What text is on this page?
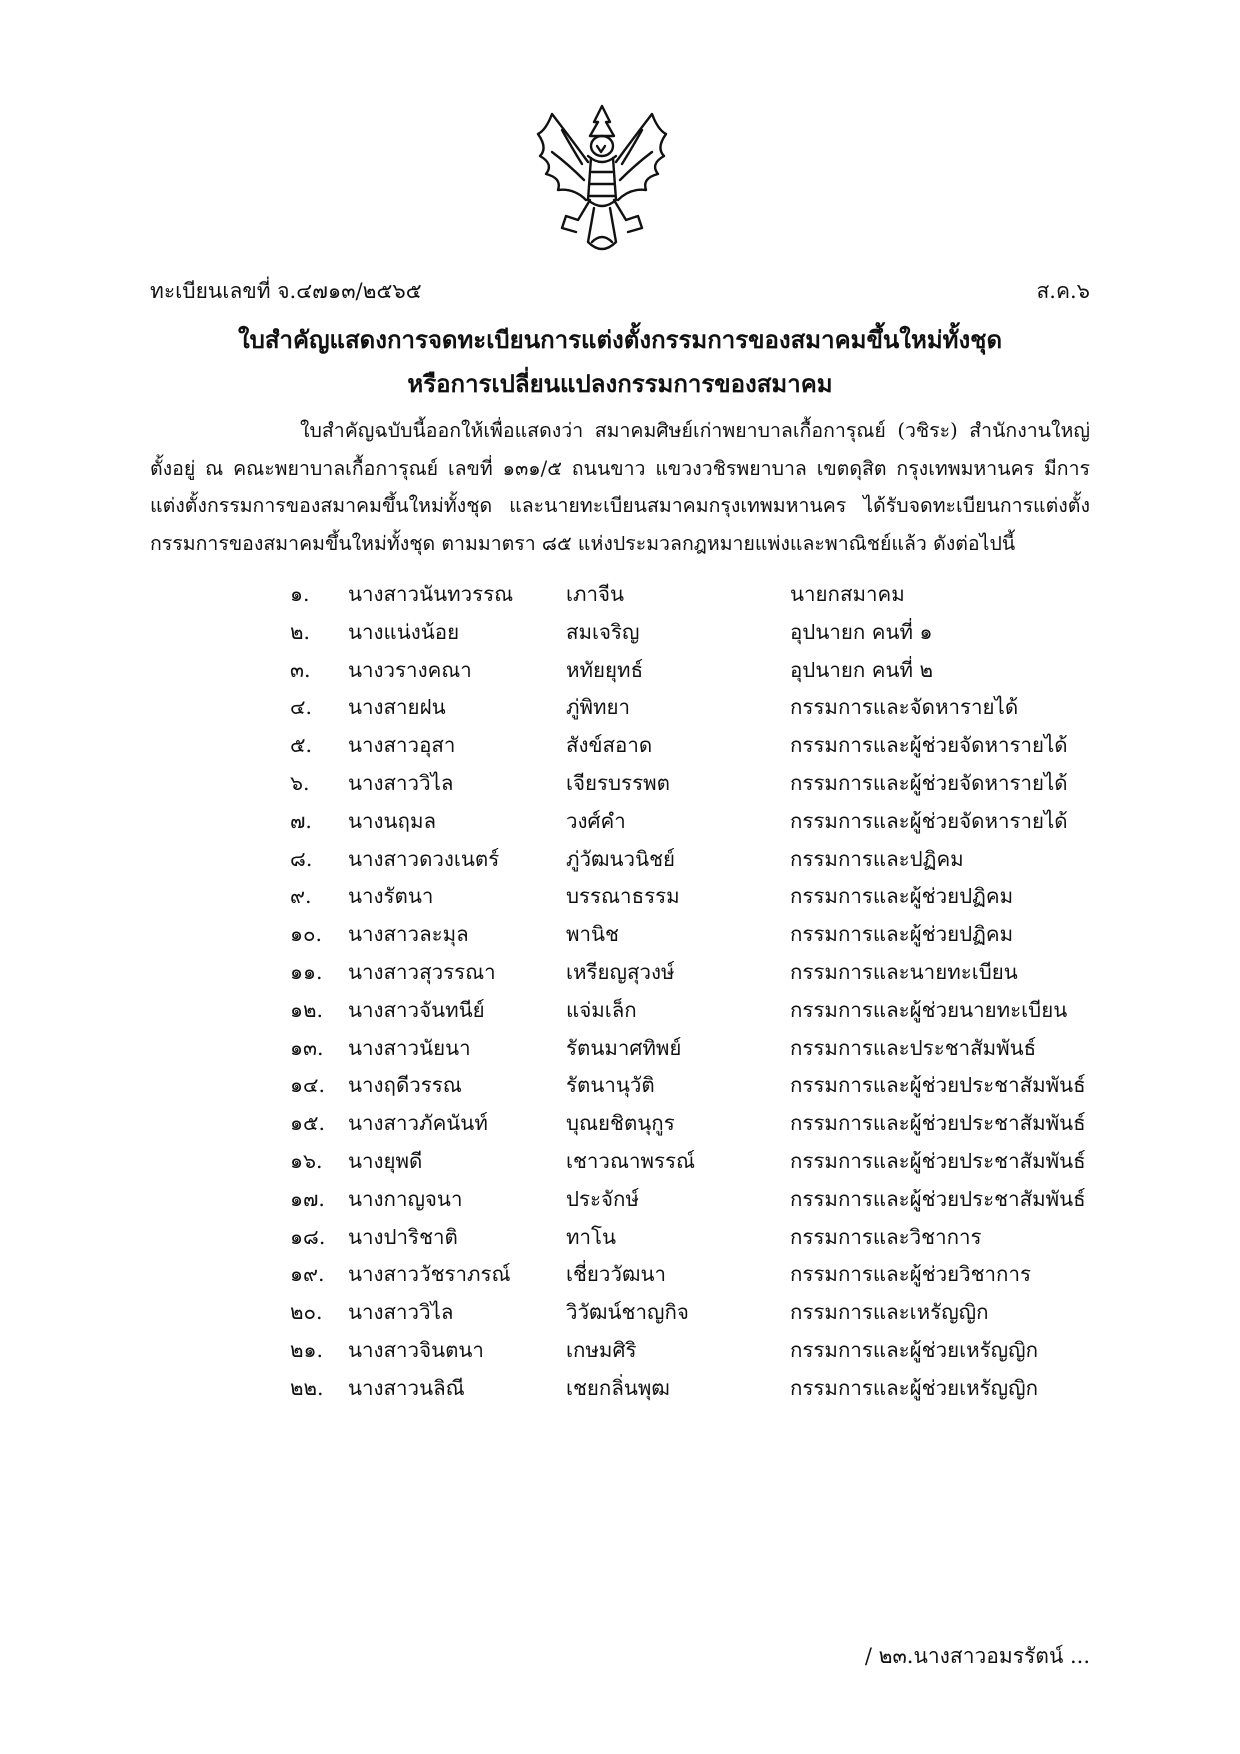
ทะเบียนเลขที่ จ.๔๗๑๓/๒๕๖๕	ส.ค.๖
ใบสำคัญแสดงการจดทะเบียนการแต่งตั้งกรรมการของสมาคมขึ้นใหม่ทั้งชุด
หรือการเปลี่ยนแปลงกรรมการของสมาคม

ใบสำคัญฉบับนี้ออกให้เพื่อแสดงว่า สมาคมศิษย์เก่าพยาบาลเกื้อการุณย์ (วชิระ) สำนักงานใหญ่ตั้งอยู่ ณ คณะพยาบาลเกื้อการุณย์ เลขที่ ๑๓๑/๕ ถนนขาว แขวงวชิรพยาบาล เขตดุสิต กรุงเทพมหานคร มีการแต่งตั้งกรรมการของสมาคมขึ้นใหม่ทั้งชุด และนายทะเบียนสมาคมกรุงเทพมหานคร ได้รับจดทะเบียนการแต่งตั้งกรรมการของสมาคมขึ้นใหม่ทั้งชุด ตามมาตรา ๘๕ แห่งประมวลกฎหมายแพ่งและพาณิชย์แล้ว ดังต่อไปนี้

๑. นางสาวนันทวรรณ	เภาจีน	นายกสมาคม
๒. นางแน่งน้อย	สมเจริญ	อุปนายก คนที่ ๑
๓. นางวรางคณา	หทัยยุทธ์	อุปนายก คนที่ ๒
๔. นางสายฝน	ภู่พิทยา	กรรมการและจัดหารายได้
๕. นางสาวอุสา	สังข์สอาด	กรรมการและผู้ช่วยจัดหารายได้
๖. นางสาววิไล	เจียรบรรพต	กรรมการและผู้ช่วยจัดหารายได้
๗. นางนฤมล	วงศ์คำ	กรรมการและผู้ช่วยจัดหารายได้
๘. นางสาวดวงเนตร์	ภู่วัฒนวนิชย์	กรรมการและปฏิคม
๙. นางรัตนา	บรรณาธรรม	กรรมการและผู้ช่วยปฏิคม
๑๐. นางสาวละมุล	พานิช	กรรมการและผู้ช่วยปฏิคม
๑๑. นางสาวสุวรรณา	เหรียญสุวงษ์	กรรมการและนายทะเบียน
๑๒. นางสาวจันทนีย์	แจ่มเล็ก	กรรมการและผู้ช่วยนายทะเบียน
๑๓. นางสาวนัยนา	รัตนมาศทิพย์	กรรมการและประชาสัมพันธ์
๑๔. นางฤดีวรรณ	รัตนานุวัติ	กรรมการและผู้ช่วยประชาสัมพันธ์
๑๕. นางสาวภัคนันท์	บุณยชิตนุกูร	กรรมการและผู้ช่วยประชาสัมพันธ์
๑๖. นางยุพดี	เชาวณาพรรณ์	กรรมการและผู้ช่วยประชาสัมพันธ์
๑๗. นางกาญจนา	ประจักษ์	กรรมการและผู้ช่วยประชาสัมพันธ์
๑๘. นางปาริชาติ	ทาโน	กรรมการและวิชาการ
๑๙. นางสาววัชราภรณ์	เชี่ยววัฒนา	กรรมการและผู้ช่วยวิชาการ
๒๐. นางสาววิไล	วิวัฒน์ชาญกิจ	กรรมการและเหรัญญิก
๒๑. นางสาวจินตนา	เกษมศิริ	กรรมการและผู้ช่วยเหรัญญิก
๒๒. นางสาวนลิณี	เชยกลิ่นพุฒ	กรรมการและผู้ช่วยเหรัญญิก
/ ๒๓.นางสาวอมรรัตน์ ...
